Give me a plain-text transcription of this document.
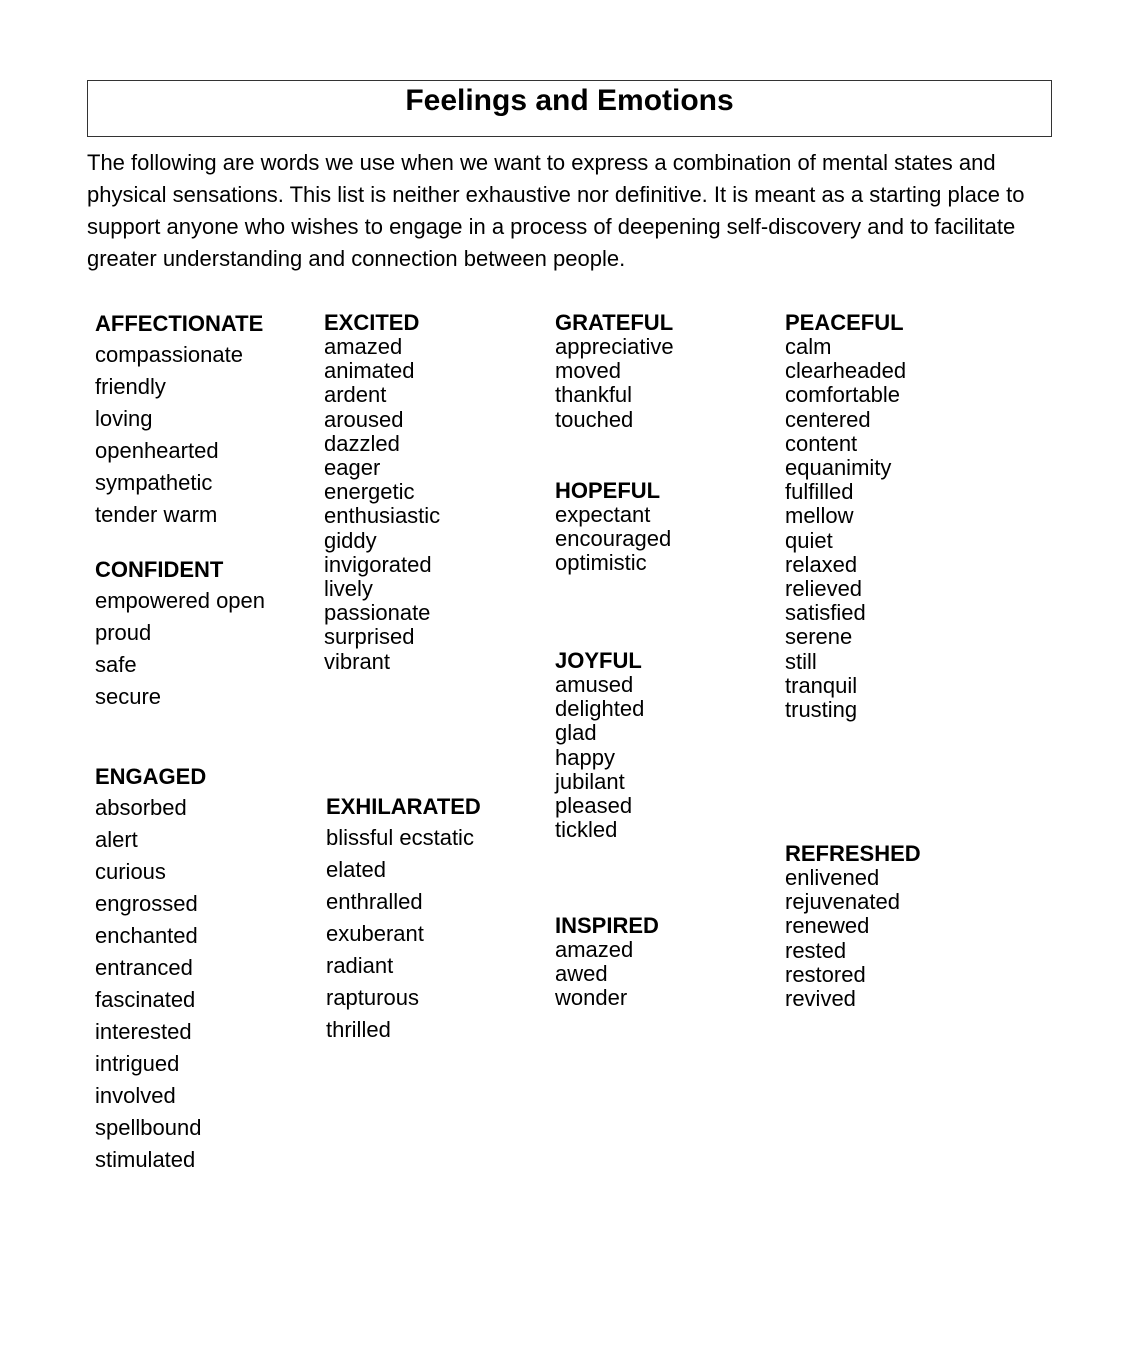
Feelings and Emotions

The following are words we use when we want to express a combination of mental states and physical sensations. This list is neither exhaustive nor definitive. It is meant as a starting place to support anyone who wishes to engage in a process of deepening self-discovery and to facilitate greater understanding and connection between people.

AFFECTIONATE
compassionate
friendly
loving
openhearted
sympathetic
tender warm
CONFIDENT
empowered open
proud
safe
secure
ENGAGED
absorbed
alert
curious
engrossed
enchanted
entranced
fascinated
interested
intrigued
involved
spellbound
stimulated
EXCITED
amazed
animated
ardent
aroused
dazzled
eager
energetic
enthusiastic
giddy
invigorated
lively
passionate
surprised
vibrant
EXHILARATED
blissful ecstatic
elated
enthralled
exuberant
radiant
rapturous
thrilled
GRATEFUL
appreciative
moved
thankful
touched
HOPEFUL
expectant
encouraged
optimistic
JOYFUL
amused
delighted
glad
happy
jubilant
pleased
tickled
INSPIRED
amazed
awed
wonder
PEACEFUL
calm
clearheaded
comfortable
centered
content
equanimity
fulfilled
mellow
quiet
relaxed
relieved
satisfied
serene
still
tranquil
trusting
REFRESHED
enlivened
rejuvenated
renewed
rested
restored
revived
